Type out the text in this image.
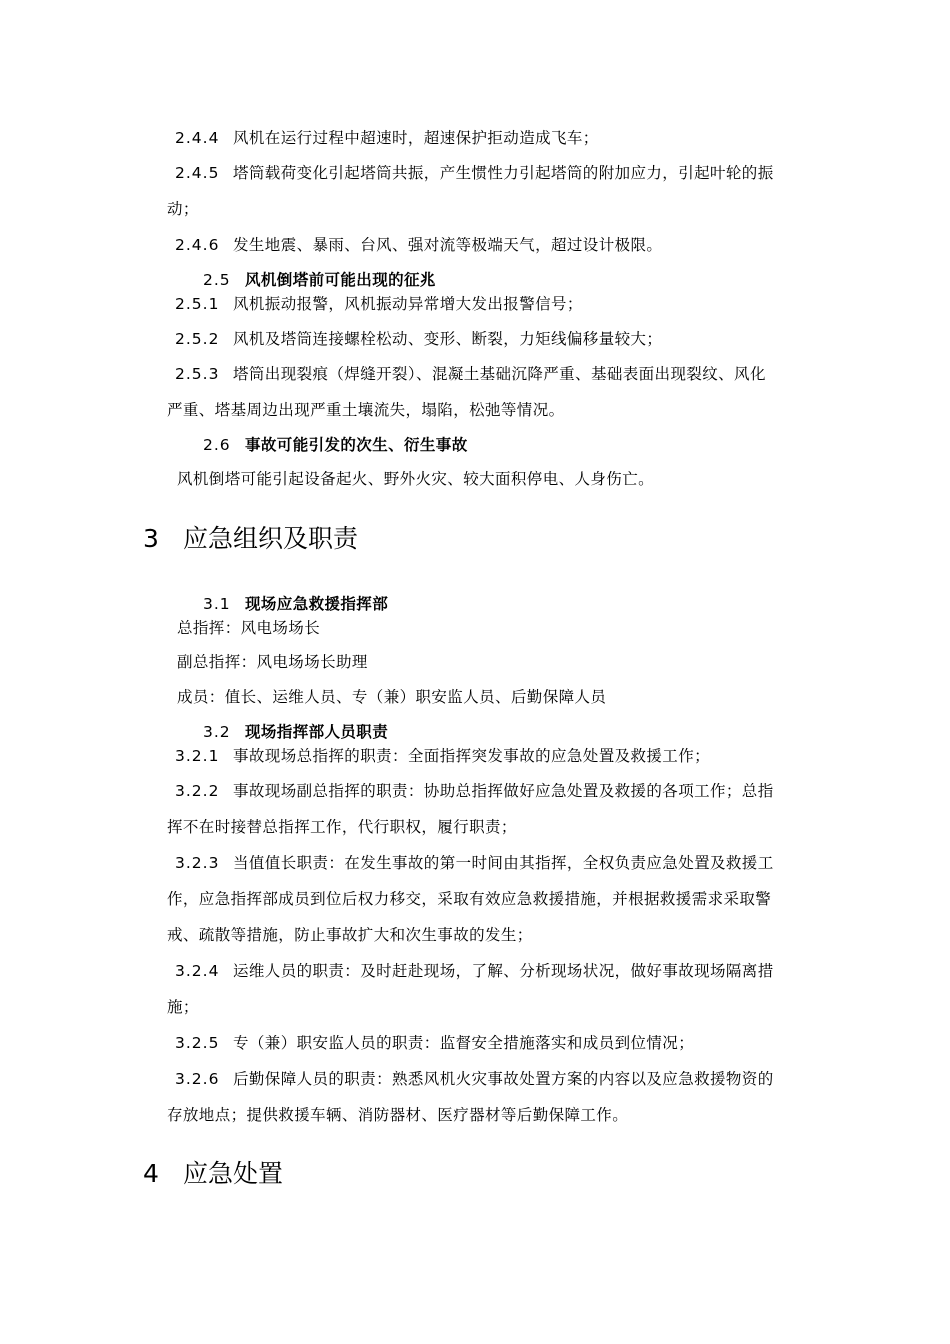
2.4.4 风机在运行过程中超速时，超速保护拒动造成飞车；
2.4.5 塔筒载荷变化引起塔筒共振，产生惯性力引起塔筒的附加应力，引起叶轮的振
动；
2.4.6 发生地震、暴雨、台风、强对流等极端天气，超过设计极限。
2.5 风机倒塔前可能出现的征兆
2.5.1 风机振动报警，风机振动异常增大发出报警信号；
2.5.2 风机及塔筒连接螺栓松动、变形、断裂，力矩线偏移量较大；
2.5.3 塔筒出现裂痕（焊缝开裂）、混凝土基础沉降严重、基础表面出现裂纹、风化
严重、塔基周边出现严重土壤流失，塌陷，松弛等情况。
2.6 事故可能引发的次生、衍生事故
风机倒塔可能引起设备起火、野外火灾、较大面积停电、人身伤亡。
3 应急组织及职责
3.1 现场应急救援指挥部
总指挥：风电场场长
副总指挥：风电场场长助理
成员：值长、运维人员、专（兼）职安监人员、后勤保障人员
3.2 现场指挥部人员职责
3.2.1 事故现场总指挥的职责：全面指挥突发事故的应急处置及救援工作；
3.2.2 事故现场副总指挥的职责：协助总指挥做好应急处置及救援的各项工作；总指
挥不在时接替总指挥工作，代行职权，履行职责；
3.2.3 当值值长职责：在发生事故的第一时间由其指挥，全权负责应急处置及救援工
作，应急指挥部成员到位后权力移交，采取有效应急救援措施，并根据救援需求采取警
戒、疏散等措施，防止事故扩大和次生事故的发生；
3.2.4 运维人员的职责：及时赶赴现场，了解、分析现场状况，做好事故现场隔离措
施；
3.2.5 专（兼）职安监人员的职责：监督安全措施落实和成员到位情况；
3.2.6 后勤保障人员的职责：熟悉风机火灾事故处置方案的内容以及应急救援物资的
存放地点；提供救援车辆、消防器材、医疗器材等后勤保障工作。
4 应急处置
